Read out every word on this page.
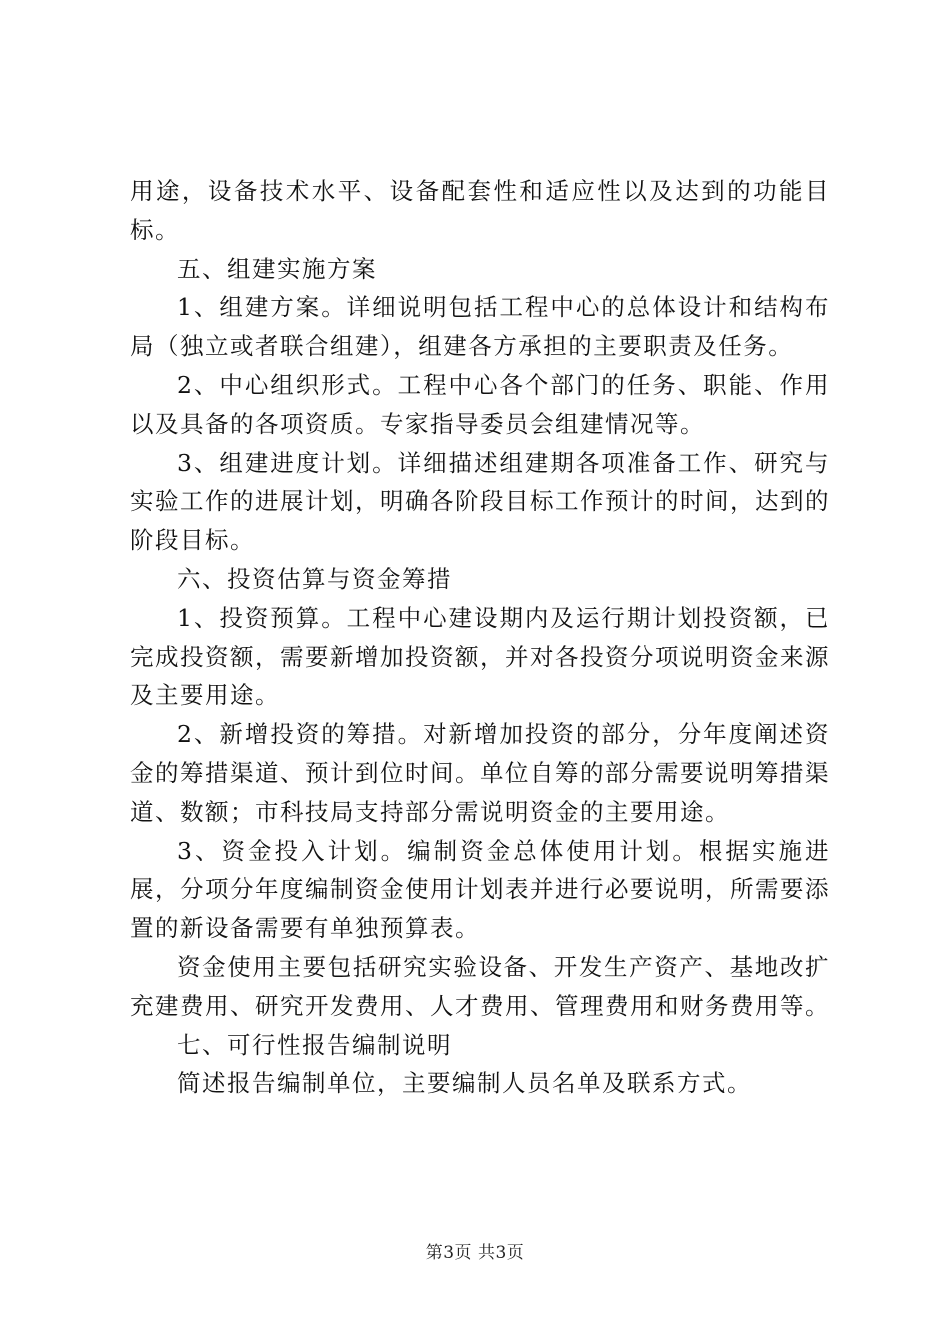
用途，设备技术水平、设备配套性和适应性以及达到的功能目标。

五、组建实施方案

1、组建方案。详细说明包括工程中心的总体设计和结构布局（独立或者联合组建），组建各方承担的主要职责及任务。

2、中心组织形式。工程中心各个部门的任务、职能、作用以及具备的各项资质。专家指导委员会组建情况等。

3、组建进度计划。详细描述组建期各项准备工作、研究与实验工作的进展计划，明确各阶段目标工作预计的时间，达到的阶段目标。

六、投资估算与资金筹措

1、投资预算。工程中心建设期内及运行期计划投资额，已完成投资额，需要新增加投资额，并对各投资分项说明资金来源及主要用途。

2、新增投资的筹措。对新增加投资的部分，分年度阐述资金的筹措渠道、预计到位时间。单位自筹的部分需要说明筹措渠道、数额；市科技局支持部分需说明资金的主要用途。

3、资金投入计划。编制资金总体使用计划。根据实施进展，分项分年度编制资金使用计划表并进行必要说明，所需要添置的新设备需要有单独预算表。

资金使用主要包括研究实验设备、开发生产资产、基地改扩充建费用、研究开发费用、人才费用、管理费用和财务费用等。

七、可行性报告编制说明

简述报告编制单位，主要编制人员名单及联系方式。

第3页 共3页
